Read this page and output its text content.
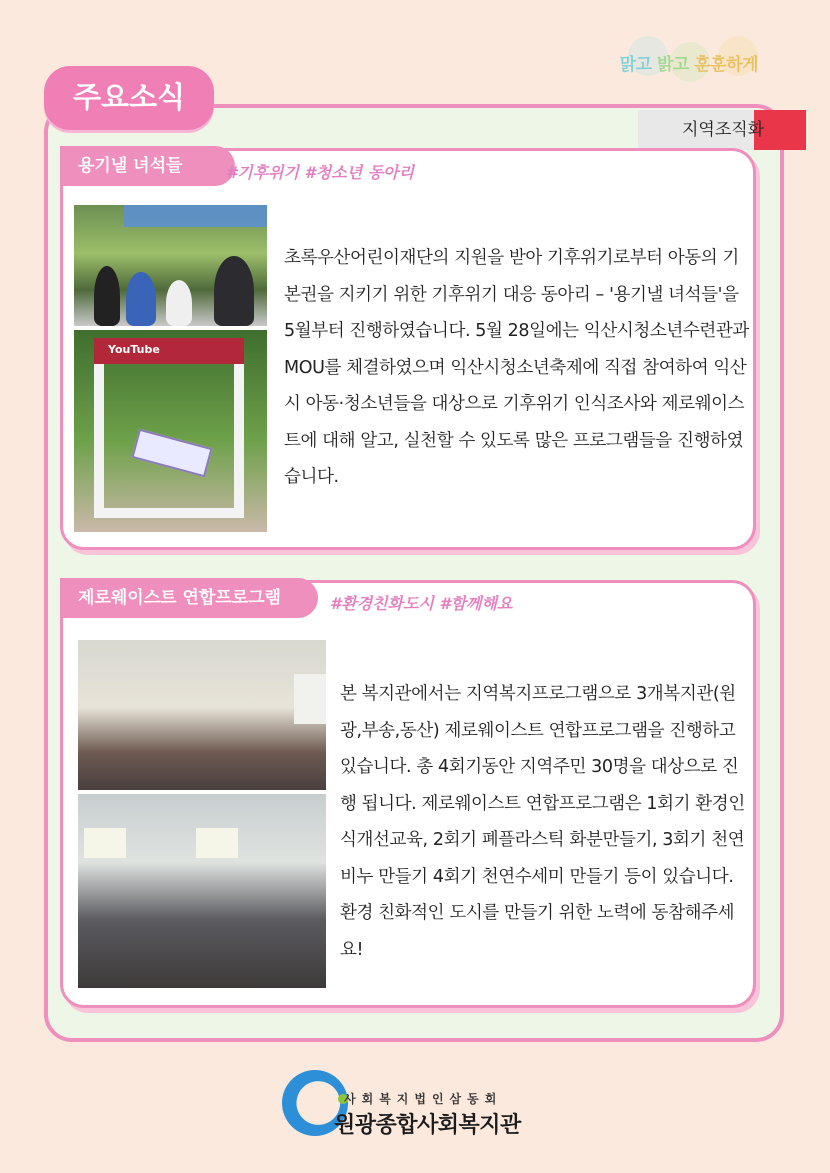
맑고 밝고 훈훈하게
주요소식
지역조직화
용기낼 녀석들	#기후위기 #청소년 동아리
YouTube
초록우산어린이재단의 지원을 받아 기후위기로부터 아동의 기본권을 지키기 위한 기후위기 대응 동아리 – '용기낼 녀석들'을 5월부터 진행하였습니다. 5월 28일에는 익산시청소년수련관과 MOU를 체결하였으며 익산시청소년축제에 직접 참여하여 익산시 아동·청소년들을 대상으로 기후위기 인식조사와 제로웨이스트에 대해 알고, 실천할 수 있도록 많은 프로그램들을 진행하였습니다.
제로웨이스트 연합프로그램	#환경친화도시 #함께해요
본 복지관에서는 지역복지프로그램으로 3개복지관(원광,부송,동산) 제로웨이스트 연합프로그램을 진행하고 있습니다. 총 4회기동안 지역주민 30명을 대상으로 진행 됩니다. 제로웨이스트 연합프로그램은 1회기 환경인식개선교육, 2회기 폐플라스틱 화분만들기, 3회기 천연비누 만들기 4회기 천연수세미 만들기 등이 있습니다. 환경 친화적인 도시를 만들기 위한 노력에 동참해주세요!
사회복지법인삼동회
원광종합사회복지관
